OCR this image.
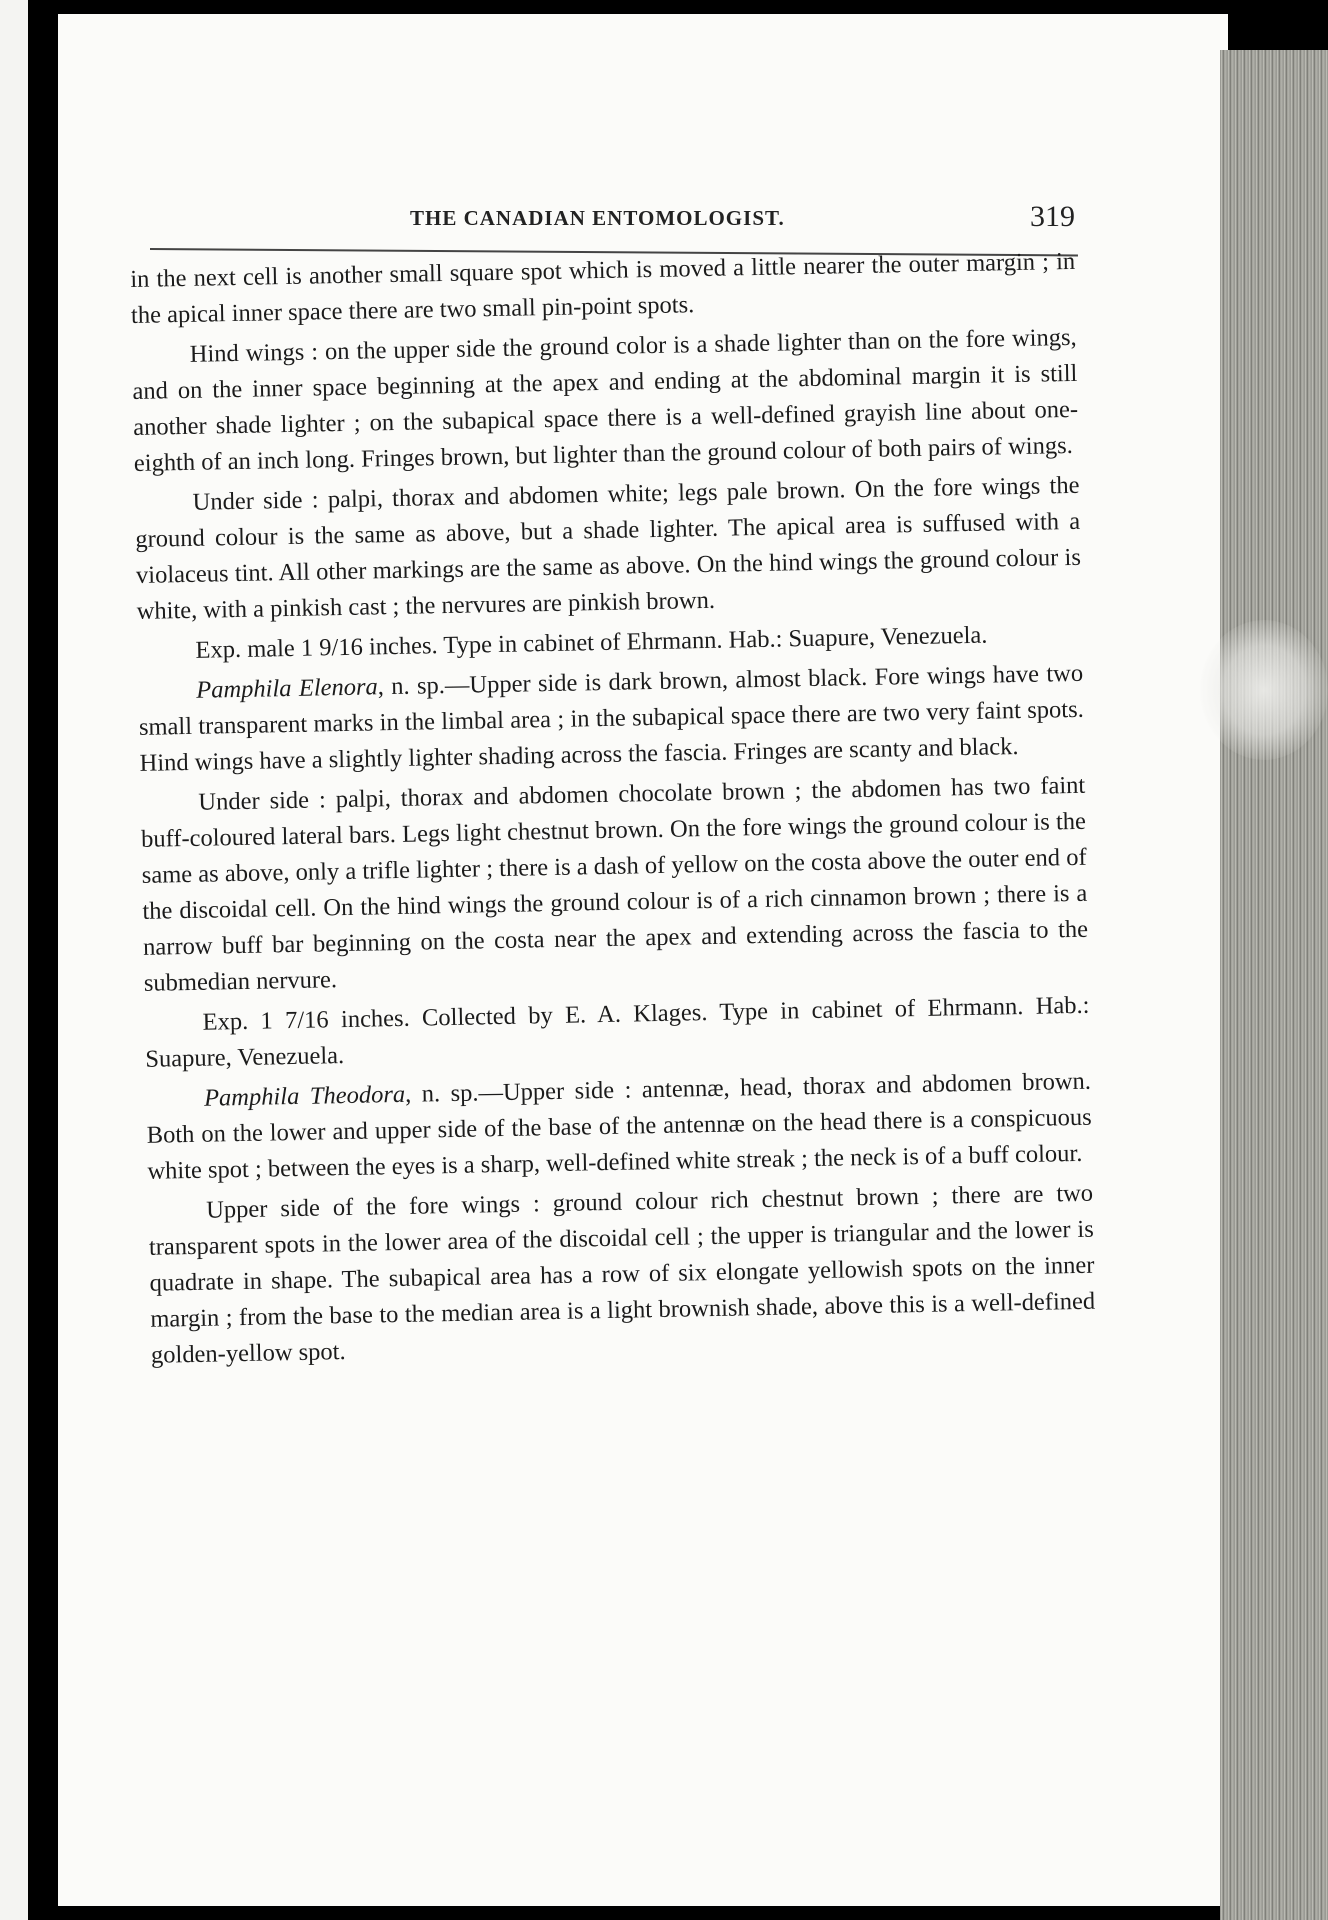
THE CANADIAN ENTOMOLOGIST.	319

in the next cell is another small square spot which is moved a little nearer the outer margin ; in the apical inner space there are two small pin-point spots.

Hind wings : on the upper side the ground color is a shade lighter than on the fore wings, and on the inner space beginning at the apex and ending at the abdominal margin it is still another shade lighter ; on the subapical space there is a well-defined grayish line about one-eighth of an inch long. Fringes brown, but lighter than the ground colour of both pairs of wings.

Under side : palpi, thorax and abdomen white; legs pale brown. On the fore wings the ground colour is the same as above, but a shade lighter. The apical area is suffused with a violaceus tint. All other markings are the same as above. On the hind wings the ground colour is white, with a pinkish cast ; the nervures are pinkish brown.

Exp. male 1 9/16 inches. Type in cabinet of Ehrmann. Hab.: Suapure, Venezuela.

Pamphila Elenora, n. sp.—Upper side is dark brown, almost black. Fore wings have two small transparent marks in the limbal area ; in the subapical space there are two very faint spots. Hind wings have a slightly lighter shading across the fascia. Fringes are scanty and black.

Under side : palpi, thorax and abdomen chocolate brown ; the abdomen has two faint buff-coloured lateral bars. Legs light chestnut brown. On the fore wings the ground colour is the same as above, only a trifle lighter ; there is a dash of yellow on the costa above the outer end of the discoidal cell. On the hind wings the ground colour is of a rich cinnamon brown ; there is a narrow buff bar beginning on the costa near the apex and extending across the fascia to the submedian nervure.

Exp. 1 7/16 inches. Collected by E. A. Klages. Type in cabinet of Ehrmann. Hab.: Suapure, Venezuela.

Pamphila Theodora, n. sp.—Upper side : antennæ, head, thorax and abdomen brown. Both on the lower and upper side of the base of the antennæ on the head there is a conspicuous white spot ; between the eyes is a sharp, well-defined white streak ; the neck is of a buff colour.

Upper side of the fore wings : ground colour rich chestnut brown ; there are two transparent spots in the lower area of the discoidal cell ; the upper is triangular and the lower is quadrate in shape. The subapical area has a row of six elongate yellowish spots on the inner margin ; from the base to the median area is a light brownish shade, above this is a well-defined golden-yellow spot.
